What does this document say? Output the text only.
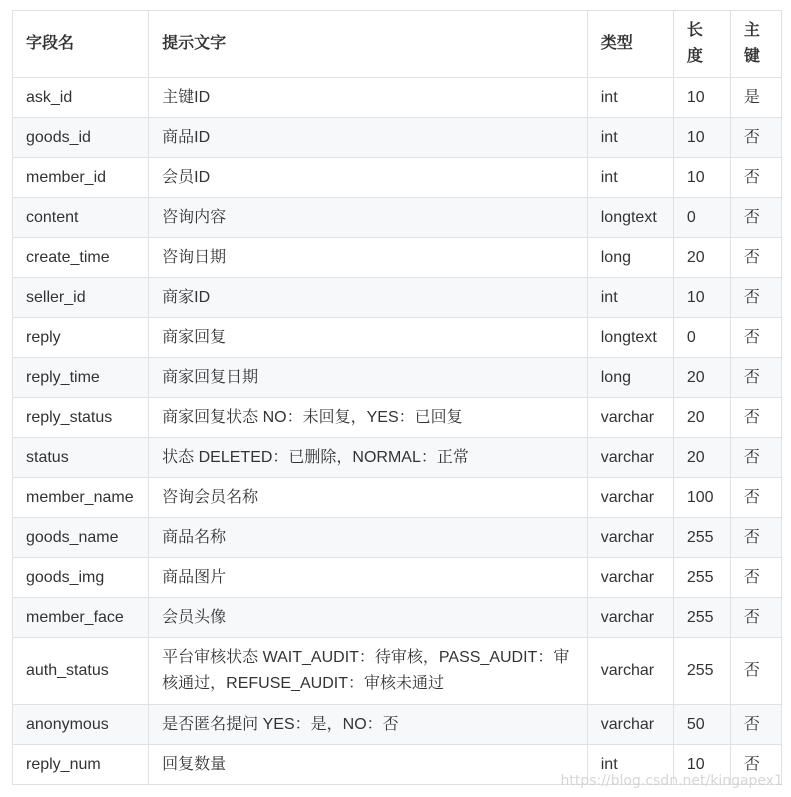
字段名	提示文字	类型	长度	主键
ask_id	主键ID	int	10	是
goods_id	商品ID	int	10	否
member_id	会员ID	int	10	否
content	咨询内容	longtext	0	否
create_time	咨询日期	long	20	否
seller_id	商家ID	int	10	否
reply	商家回复	longtext	0	否
reply_time	商家回复日期	long	20	否
reply_status	商家回复状态 NO：未回复，YES：已回复	varchar	20	否
status	状态 DELETED：已删除，NORMAL：正常	varchar	20	否
member_name	咨询会员名称	varchar	100	否
goods_name	商品名称	varchar	255	否
goods_img	商品图片	varchar	255	否
member_face	会员头像	varchar	255	否
auth_status	平台审核状态 WAIT_AUDIT：待审核，PASS_AUDIT：审核通过，REFUSE_AUDIT：审核未通过	varchar	255	否
anonymous	是否匿名提问 YES：是，NO：否	varchar	50	否
reply_num	回复数量	int	10	否
https://blog.csdn.net/kingapex1
